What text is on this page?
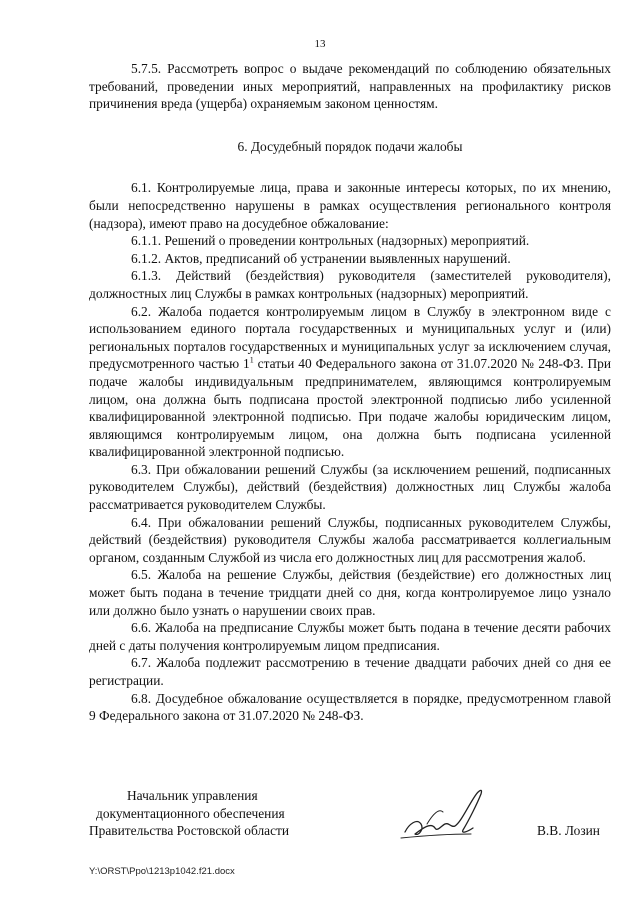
13

5.7.5. Рассмотреть вопрос о выдаче рекомендаций по соблюдению обязательных требований, проведении иных мероприятий, направленных на профилактику рисков причинения вреда (ущерба) охраняемым законом ценностям.

6. Досудебный порядок подачи жалобы

6.1. Контролируемые лица, права и законные интересы которых, по их мнению, были непосредственно нарушены в рамках осуществления регионального контроля (надзора), имеют право на досудебное обжалование:

6.1.1. Решений о проведении контрольных (надзорных) мероприятий.

6.1.2. Актов, предписаний об устранении выявленных нарушений.

6.1.3. Действий (бездействия) руководителя (заместителей руководителя), должностных лиц Службы в рамках контрольных (надзорных) мероприятий.

6.2. Жалоба подается контролируемым лицом в Службу в электронном виде с использованием единого портала государственных и муниципальных услуг и (или) региональных порталов государственных и муниципальных услуг за исключением случая, предусмотренного частью $1^1$ статьи 40 Федерального закона от 31.07.2020 № 248-ФЗ. При подаче жалобы индивидуальным предпринимателем, являющимся контролируемым лицом, она должна быть подписана простой электронной подписью либо усиленной квалифицированной электронной подписью. При подаче жалобы юридическим лицом, являющимся контролируемым лицом, она должна быть подписана усиленной квалифицированной электронной подписью.

6.3. При обжаловании решений Службы (за исключением решений, подписанных руководителем Службы), действий (бездействия) должностных лиц Службы жалоба рассматривается руководителем Службы.

6.4. При обжаловании решений Службы, подписанных руководителем Службы, действий (бездействия) руководителя Службы жалоба рассматривается коллегиальным органом, созданным Службой из числа его должностных лиц для рассмотрения жалоб.

6.5. Жалоба на решение Службы, действия (бездействие) его должностных лиц может быть подана в течение тридцати дней со дня, когда контролируемое лицо узнало или должно было узнать о нарушении своих прав.

6.6. Жалоба на предписание Службы может быть подана в течение десяти рабочих дней с даты получения контролируемым лицом предписания.

6.7. Жалоба подлежит рассмотрению в течение двадцати рабочих дней со дня ее регистрации.

6.8. Досудебное обжалование осуществляется в порядке, предусмотренном главой 9 Федерального закона от 31.07.2020 № 248-ФЗ.

Начальник управления
документационного обеспечения
Правительства Ростовской области	В.В. Лозин
Y:\ORST\Ppo\1213p1042.f21.docx
